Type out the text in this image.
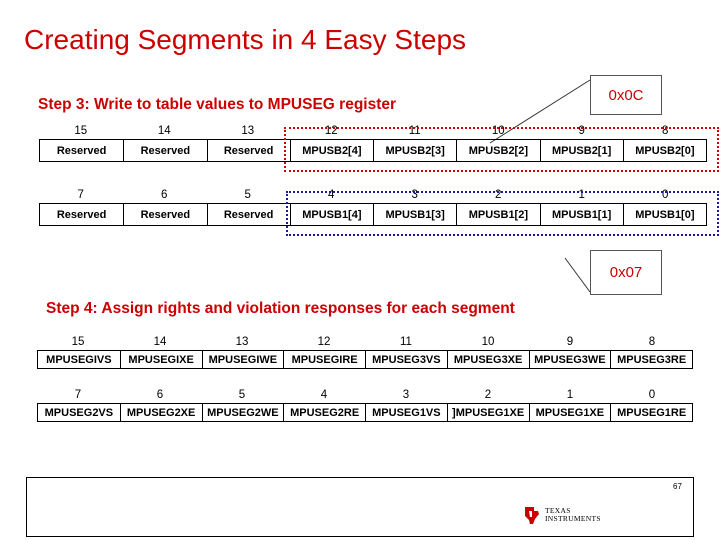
Creating Segments in 4 Easy Steps
Step 3: Write to table values to MPUSEG register
0x0C
0x07
15	14	13	12	11	10	9	8
Reserved	Reserved	Reserved	MPUSB2[4]	MPUSB2[3]	MPUSB2[2]	MPUSB2[1]	MPUSB2[0]
7	6	5	4	3	2	1	0
Reserved	Reserved	Reserved	MPUSB1[4]	MPUSB1[3]	MPUSB1[2]	MPUSB1[1]	MPUSB1[0]
Step 4: Assign rights and violation responses for each segment
15	14	13	12	11	10	9	8
MPUSEGIVS	MPUSEGIXE	MPUSEGIWE	MPUSEGIRE	MPUSEG3VS	MPUSEG3XE	MPUSEG3WE	MPUSEG3RE
7	6	5	4	3	2	1	0
MPUSEG2VS	MPUSEG2XE	MPUSEG2WE	MPUSEG2RE	MPUSEG1VS	]MPUSEG1XE	MPUSEG1XE	MPUSEG1RE
67
TEXAS
INSTRUMENTS
